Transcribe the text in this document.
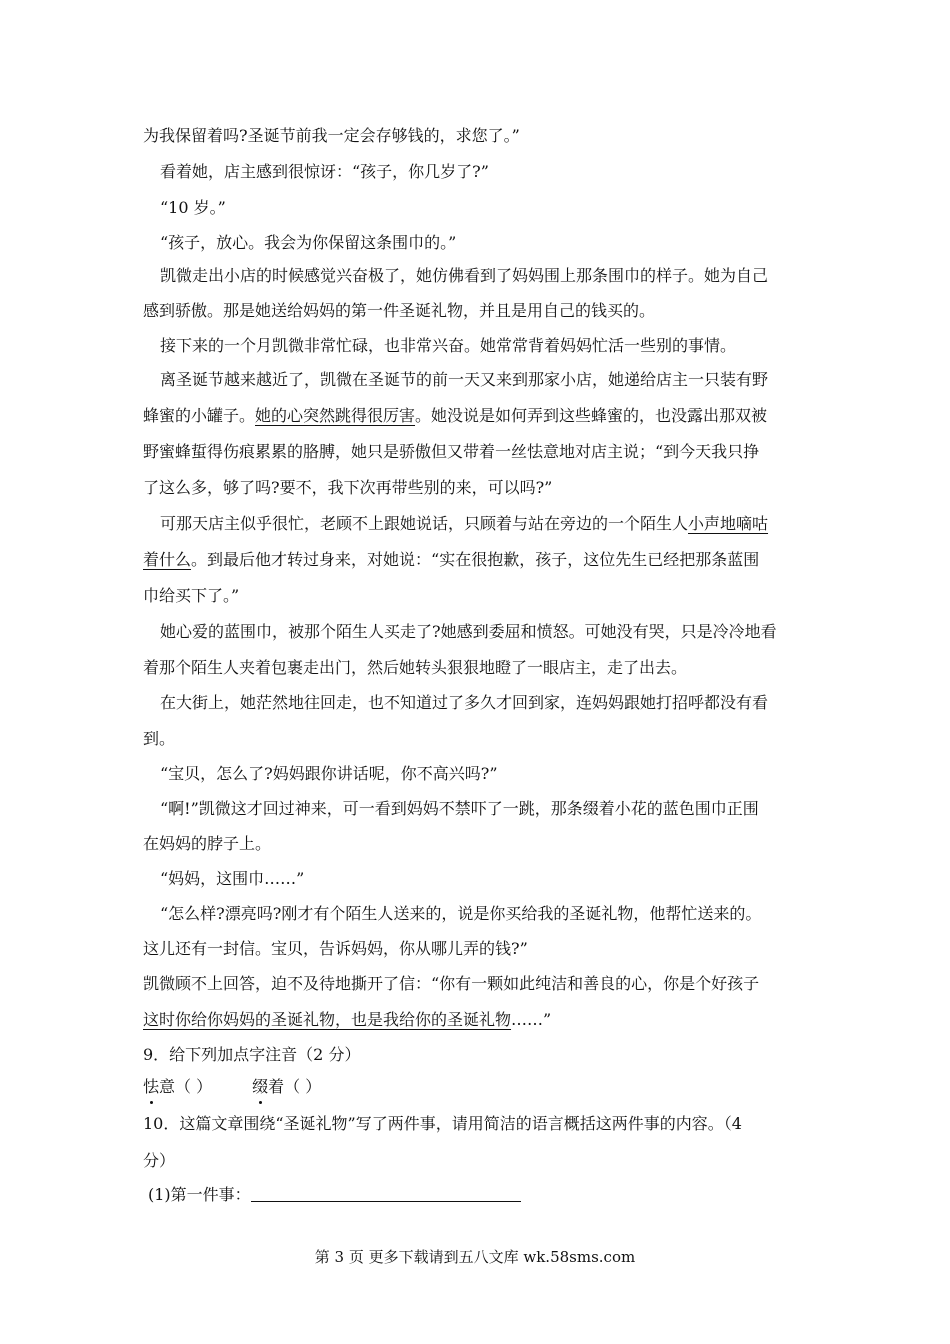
为我保留着吗?圣诞节前我一定会存够钱的，求您了。”
看着她，店主感到很惊讶：“孩子，你几岁了?”
“10 岁。”
“孩子，放心。我会为你保留这条围巾的。”
凯微走出小店的时候感觉兴奋极了，她仿佛看到了妈妈围上那条围巾的样子。她为自己
感到骄傲。那是她送给妈妈的第一件圣诞礼物，并且是用自己的钱买的。
接下来的一个月凯微非常忙碌，也非常兴奋。她常常背着妈妈忙活一些别的事情。
离圣诞节越来越近了，凯微在圣诞节的前一天又来到那家小店，她递给店主一只装有野
蜂蜜的小罐子。她的心突然跳得很厉害。她没说是如何弄到这些蜂蜜的，也没露出那双被
野蜜蜂蜇得伤痕累累的胳膊，她只是骄傲但又带着一丝怯意地对店主说；“到今天我只挣
了这么多，够了吗?要不，我下次再带些别的来，可以吗?”
可那天店主似乎很忙，老顾不上跟她说话，只顾着与站在旁边的一个陌生人小声地嘀咕
着什么。到最后他才转过身来，对她说：“实在很抱歉，孩子，这位先生已经把那条蓝围
巾给买下了。”
她心爱的蓝围巾，被那个陌生人买走了?她感到委屈和愤怒。可她没有哭，只是冷冷地看
着那个陌生人夹着包裹走出门，然后她转头狠狠地瞪了一眼店主，走了出去。
在大街上，她茫然地往回走，也不知道过了多久才回到家，连妈妈跟她打招呼都没有看
到。
“宝贝，怎么了?妈妈跟你讲话呢，你不高兴吗?”
“啊!”凯微这才回过神来，可一看到妈妈不禁吓了一跳，那条缀着小花的蓝色围巾正围
在妈妈的脖子上。
“妈妈，这围巾……”
“怎么样?漂亮吗?刚才有个陌生人送来的，说是你买给我的圣诞礼物，他帮忙送来的。
这儿还有一封信。宝贝，告诉妈妈，你从哪儿弄的钱?”
凯微顾不上回答，迫不及待地撕开了信：“你有一颗如此纯洁和善良的心，你是个好孩子
这时你给你妈妈的圣诞礼物，也是我给你的圣诞礼物……”
9．给下列加点字注音（2 分）
怯意（ ）	缀着（ ）
10．这篇文章围绕“圣诞礼物”写了两件事，请用简洁的语言概括这两件事的内容。（4
分）
(1)第一件事：
第 3 页 更多下载请到五八文库 wk.58sms.com
